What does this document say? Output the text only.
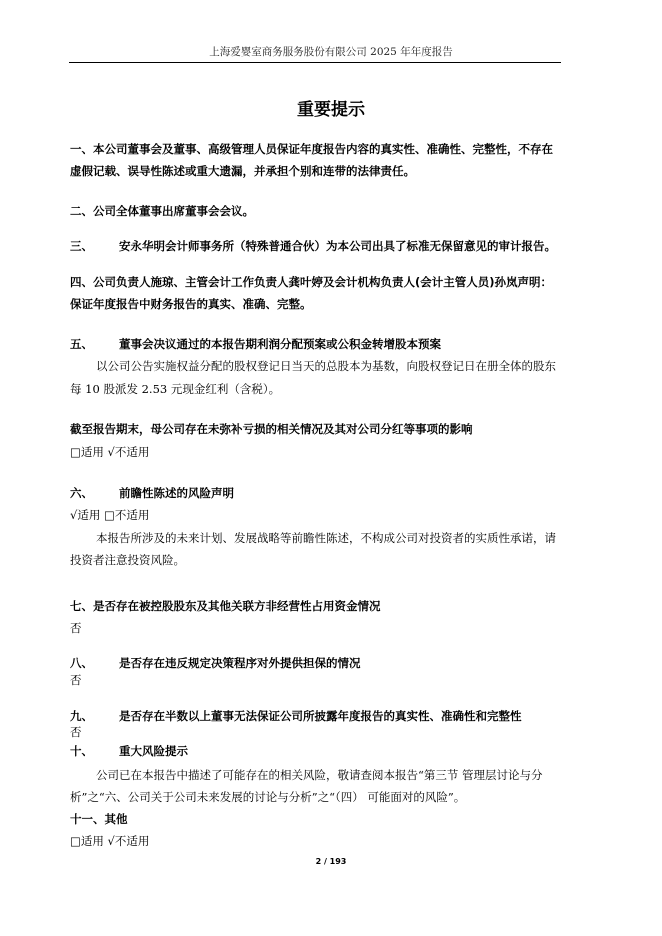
上海爱婴室商务服务股份有限公司 2025 年年度报告
重要提示
一、本公司董事会及董事、高级管理人员保证年度报告内容的真实性、准确性、完整性，不存在
虚假记载、误导性陈述或重大遗漏，并承担个别和连带的法律责任。
二、公司全体董事出席董事会会议。
三、 安永华明会计师事务所（特殊普通合伙）为本公司出具了标准无保留意见的审计报告。
四、公司负责人施琼、主管会计工作负责人龚叶婷及会计机构负责人(会计主管人员)孙岚声明：
保证年度报告中财务报告的真实、准确、完整。
五、 董事会决议通过的本报告期利润分配预案或公积金转增股本预案
以公司公告实施权益分配的股权登记日当天的总股本为基数，向股权登记日在册全体的股东
每 10 股派发 2.53 元现金红利（含税）。
截至报告期末，母公司存在未弥补亏损的相关情况及其对公司分红等事项的影响
□适用 √不适用
六、 前瞻性陈述的风险声明
√适用 □不适用
本报告所涉及的未来计划、发展战略等前瞻性陈述，不构成公司对投资者的实质性承诺，请
投资者注意投资风险。
七、是否存在被控股股东及其他关联方非经营性占用资金情况
否
八、 是否存在违反规定决策程序对外提供担保的情况
否
九、 是否存在半数以上董事无法保证公司所披露年度报告的真实性、准确性和完整性
否
十、 重大风险提示
公司已在本报告中描述了可能存在的相关风险，敬请查阅本报告“第三节 管理层讨论与分
析”之“六、公司关于公司未来发展的讨论与分析”之“（四） 可能面对的风险”。
十一、其他
□适用 √不适用
2 / 193
